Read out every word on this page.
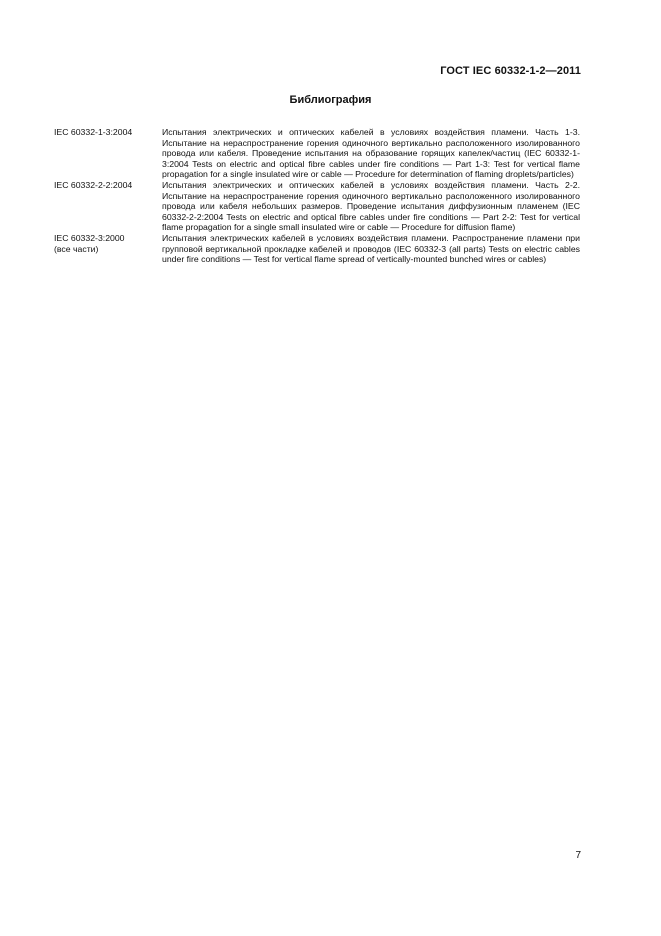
ГОСТ IEC 60332-1-2—2011
Библиография
IEC 60332-1-3:2004	Испытания электрических и оптических кабелей в условиях воздействия пламени. Часть 1-3. Испытание на нераспространение горения одиночного вертикально расположенного изолированного провода или кабеля. Проведение испытания на образование горящих капелек/частиц (IEC 60332-1-3:2004 Tests on electric and optical fibre cables under fire conditions — Part 1-3: Test for vertical flame propagation for a single insulated wire or cable — Procedure for determination of flaming droplets/particles)
IEC 60332-2-2:2004	Испытания электрических и оптических кабелей в условиях воздействия пламени. Часть 2-2. Испытание на нераспространение горения одиночного вертикально расположенного изолированного провода или кабеля небольших размеров. Проведение испытания диффузионным пламенем (IEC 60332-2-2:2004 Tests on electric and optical fibre cables under fire conditions — Part 2-2: Test for vertical flame propagation for a single small insulated wire or cable — Procedure for diffusion flame)
IEC 60332-3:2000
(все части)
Испытания электрических кабелей в условиях воздействия пламени. Распространение пламени при групповой вертикальной прокладке кабелей и проводов (IEC 60332-3 (all parts) Tests on electric cables under fire conditions — Test for vertical flame spread of vertically-mounted bunched wires or cables)
7
